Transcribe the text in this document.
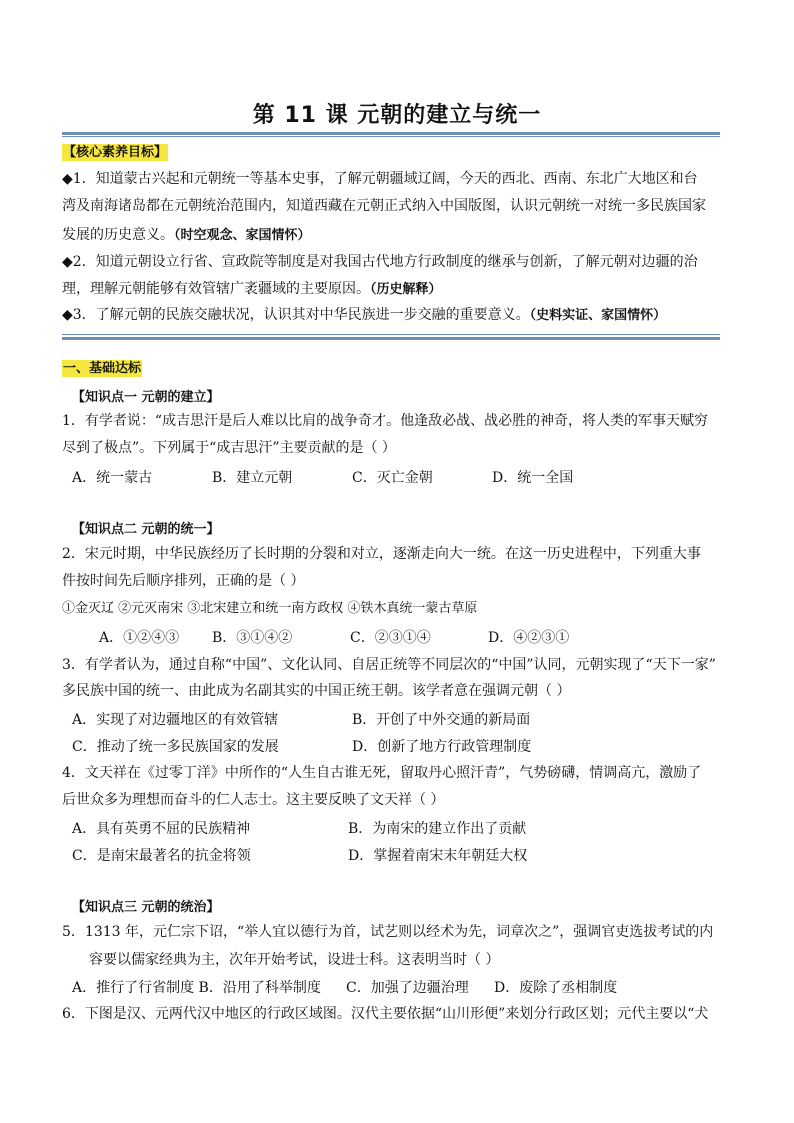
第 11 课 元朝的建立与统一
【核心素养目标】
◆1．知道蒙古兴起和元朝统一等基本史事，了解元朝疆域辽阔，今天的西北、西南、东北广大地区和台
湾及南海诸岛都在元朝统治范围内，知道西藏在元朝正式纳入中国版图，认识元朝统一对统一多民族国家
发展的历史意义。（时空观念、家国情怀）
◆2．知道元朝设立行省、宣政院等制度是对我国古代地方行政制度的继承与创新，了解元朝对边疆的治
理，理解元朝能够有效管辖广袤疆域的主要原因。（历史解释）
◆3．了解元朝的民族交融状况，认识其对中华民族进一步交融的重要意义。（史料实证、家国情怀）
一、基础达标
【知识点一 元朝的建立】
1．有学者说：“成吉思汗是后人难以比肩的战争奇才。他逢敌必战、战必胜的神奇，将人类的军事天赋穷
尽到了极点”。下列属于“成吉思汗”主要贡献的是（ ）
A．统一蒙古	B．建立元朝	C．灭亡金朝	D．统一全国
【知识点二 元朝的统一】
2．宋元时期，中华民族经历了长时期的分裂和对立，逐渐走向大一统。在这一历史进程中，下列重大事
件按时间先后顺序排列，正确的是（ ）
①金灭辽 ②元灭南宋 ③北宋建立和统一南方政权 ④铁木真统一蒙古草原
A．①②④③ B．③①④②	C．②③①④	D．④②③①
3．有学者认为，通过自称“中国”、文化认同、自居正统等不同层次的“中国”认同，元朝实现了“天下一家”
多民族中国的统一、由此成为名副其实的中国正统王朝。该学者意在强调元朝（ ）
A．实现了对边疆地区的有效管辖	B．开创了中外交通的新局面
C．推动了统一多民族国家的发展	D．创新了地方行政管理制度
4．文天祥在《过零丁洋》中所作的“人生自古谁无死，留取丹心照汗青”，气势磅礴，情调高亢，激励了
后世众多为理想而奋斗的仁人志士。这主要反映了文天祥（ ）
A．具有英勇不屈的民族精神	B．为南宋的建立作出了贡献
C．是南宋最著名的抗金将领	D．掌握着南宋末年朝廷大权
【知识点三 元朝的统治】
5．1313 年，元仁宗下诏，“举人宜以德行为首，试艺则以经术为先，词章次之”，强调官吏选拔考试的内
容要以儒家经典为主，次年开始考试，设进士科。这表明当时（ ）
A．推行了行省制度 B．沿用了科举制度 C．加强了边疆治理 D．废除了丞相制度
6．下图是汉、元两代汉中地区的行政区域图。汉代主要依据“山川形便”来划分行政区划；元代主要以“犬
